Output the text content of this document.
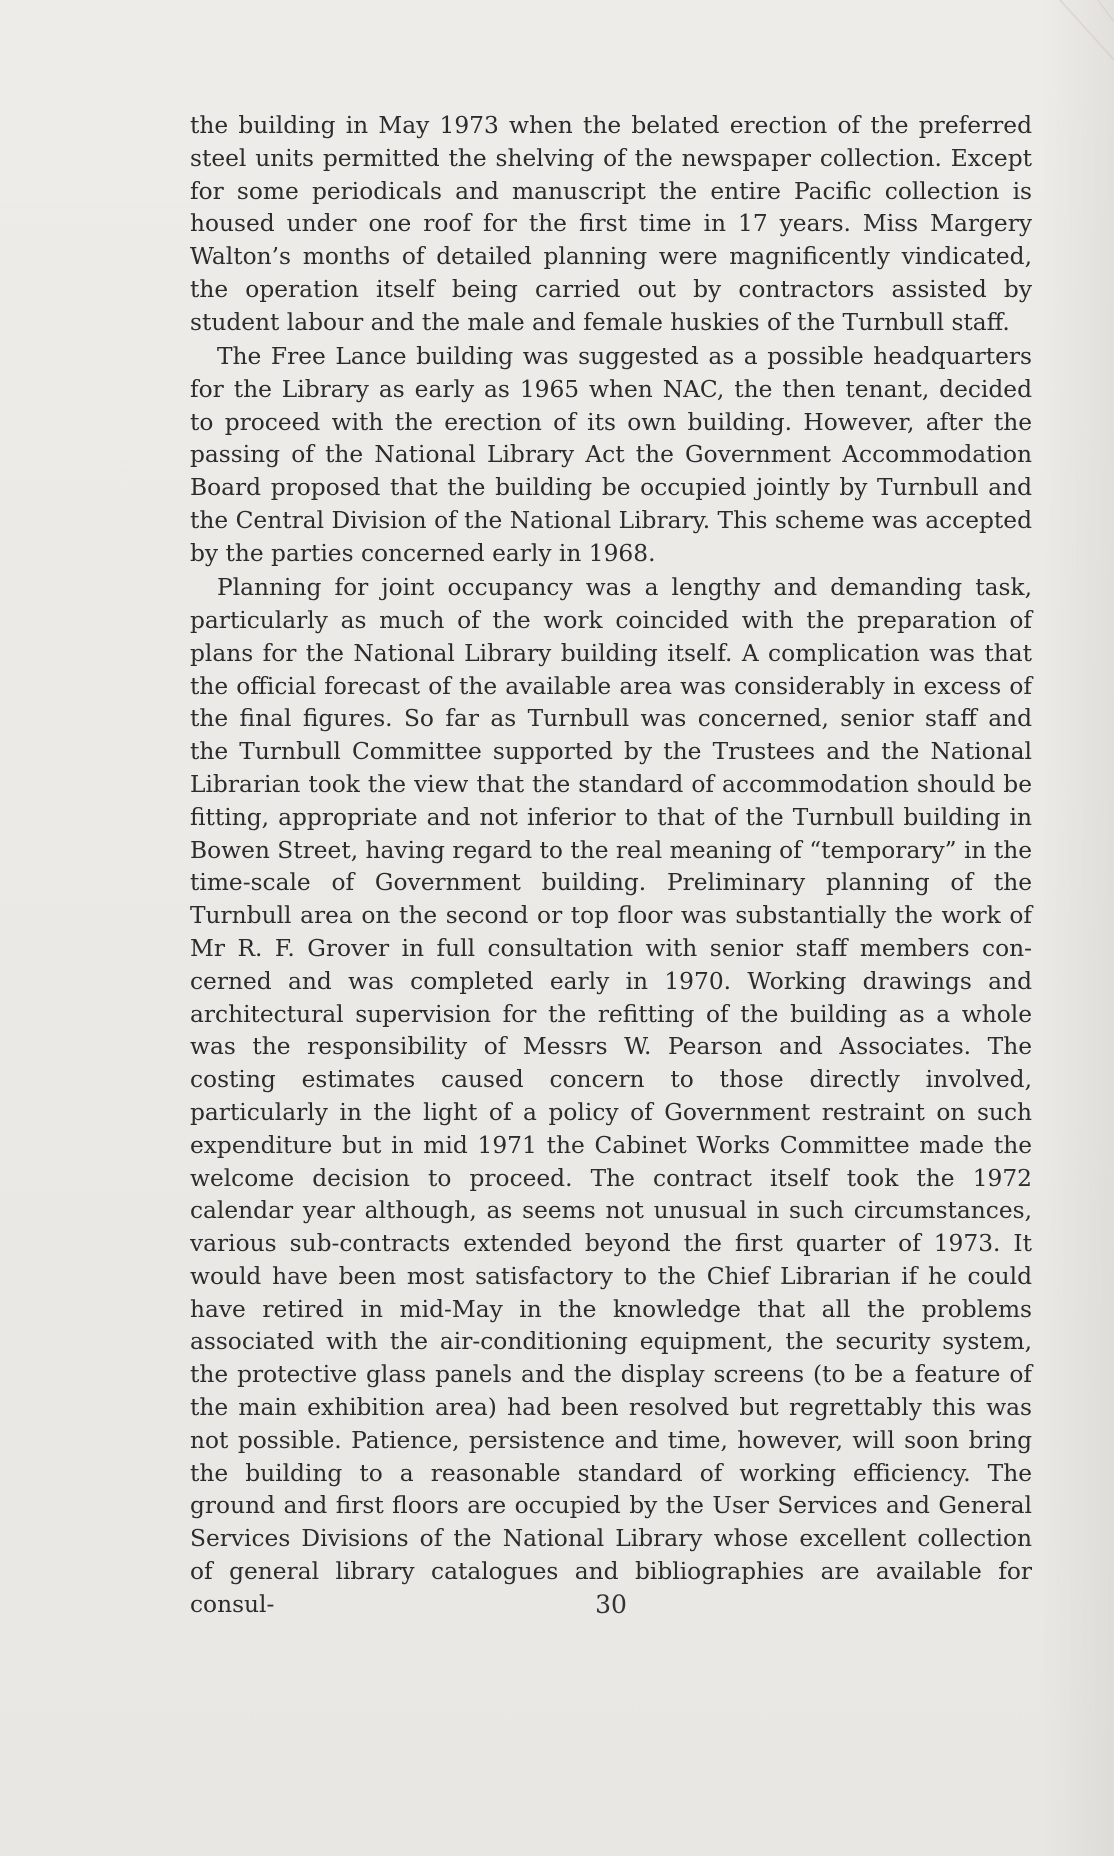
the building in May 1973 when the belated erection of the preferred steel units permitted the shelving of the newspaper collection. Except for some periodicals and manuscript the entire Pacific collection is housed under one roof for the first time in 17 years. Miss Margery Walton’s months of detailed planning were magnificently vindicated, the operation itself being carried out by contractors assisted by student labour and the male and female huskies of the Turnbull staff.

The Free Lance building was suggested as a possible headquarters for the Library as early as 1965 when NAC, the then tenant, decided to proceed with the erection of its own building. However, after the passing of the National Library Act the Government Accommodation Board proposed that the building be occupied jointly by Turnbull and the Central Division of the National Library. This scheme was accepted by the parties concerned early in 1968.

Planning for joint occupancy was a lengthy and demanding task, particularly as much of the work coincided with the preparation of plans for the National Library building itself. A complication was that the official forecast of the available area was considerably in excess of the final figures. So far as Turnbull was concerned, senior staff and the Turnbull Committee supported by the Trustees and the National Librarian took the view that the standard of accommodation should be fitting, appropriate and not inferior to that of the Turnbull building in Bowen Street, having regard to the real meaning of “temporary” in the time-scale of Government building. Preliminary planning of the Turnbull area on the second or top floor was substantially the work of Mr R. F. Grover in full consultation with senior staff members concerned and was completed early in 1970. Working drawings and architectural supervision for the refitting of the building as a whole was the responsibility of Messrs W. Pearson and Associates. The costing estimates caused concern to those directly involved, particularly in the light of a policy of Government restraint on such expenditure but in mid 1971 the Cabinet Works Committee made the welcome decision to proceed. The contract itself took the 1972 calendar year although, as seems not unusual in such circumstances, various sub-contracts extended beyond the first quarter of 1973. It would have been most satisfactory to the Chief Librarian if he could have retired in mid-May in the knowledge that all the problems associated with the air-conditioning equipment, the security system, the protective glass panels and the display screens (to be a feature of the main exhibition area) had been resolved but regrettably this was not possible. Patience, persistence and time, however, will soon bring the building to a reasonable standard of working efficiency. The ground and first floors are occupied by the User Services and General Services Divisions of the National Library whose excellent collection of general library catalogues and bibliographies are available for consul-	30
